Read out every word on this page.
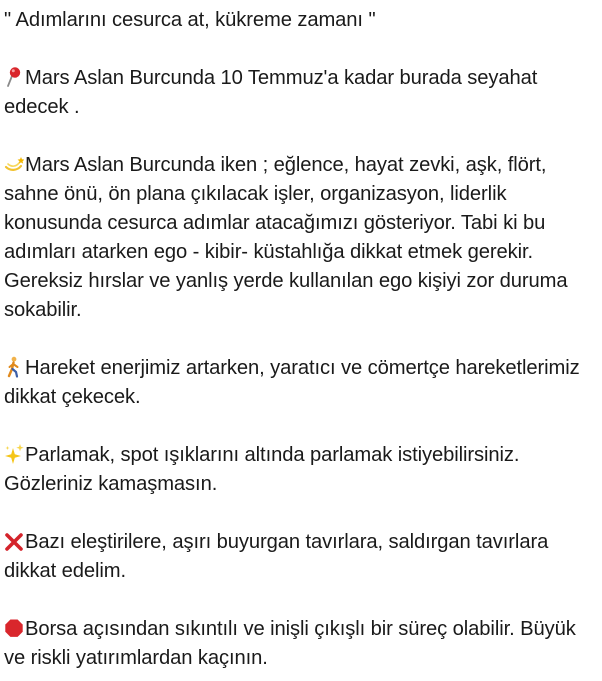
" Adımlarını cesurca at, kükreme zamanı "

Mars Aslan Burcunda 10 Temmuz'a kadar burada seyahat edecek .

Mars Aslan Burcunda iken ; eğlence, hayat zevki, aşk, flört, sahne önü, ön plana çıkılacak işler, organizasyon, liderlik konusunda cesurca adımlar atacağımızı gösteriyor. Tabi ki bu adımları atarken ego - kibir- küstahlığa dikkat etmek gerekir. Gereksiz hırslar ve yanlış yerde kullanılan ego kişiyi zor duruma sokabilir.

Hareket enerjimiz artarken, yaratıcı ve cömertçe hareketlerimiz dikkat çekecek.

Parlamak, spot ışıklarını altında parlamak istiyebilirsiniz. Gözleriniz kamaşmasın.

Bazı eleştirilere, aşırı buyurgan tavırlara, saldırgan tavırlara dikkat edelim.

Borsa açısından sıkıntılı ve inişli çıkışlı bir süreç olabilir. Büyük ve riskli yatırımlardan kaçının.
